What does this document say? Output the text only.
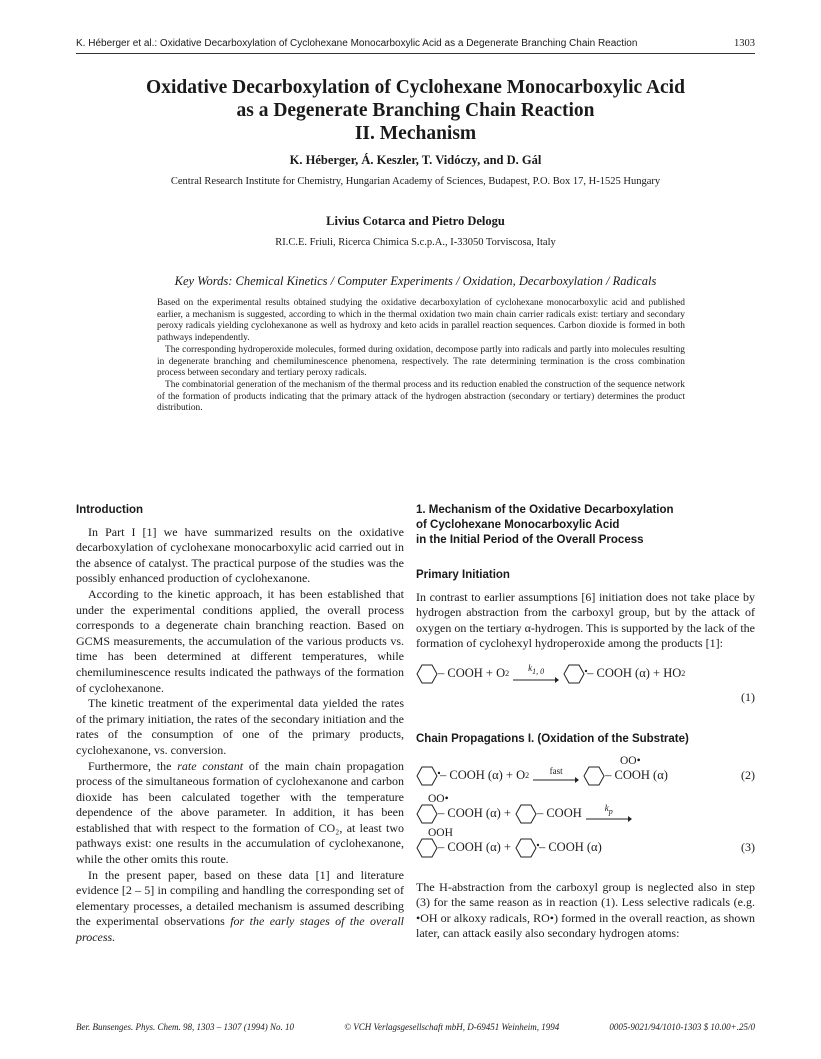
K. Héberger et al.: Oxidative Decarboxylation of Cyclohexane Monocarboxylic Acid as a Degenerate Branching Chain Reaction	1303
Oxidative Decarboxylation of Cyclohexane Monocarboxylic Acid
as a Degenerate Branching Chain Reaction
II. Mechanism
K. Héberger, Á. Keszler, T. Vidóczy, and D. Gál
Central Research Institute for Chemistry, Hungarian Academy of Sciences, Budapest, P.O. Box 17, H-1525 Hungary
Livius Cotarca and Pietro Delogu
RI.C.E. Friuli, Ricerca Chimica S.c.p.A., I-33050 Torviscosa, Italy
Key Words: Chemical Kinetics / Computer Experiments / Oxidation, Decarboxylation / Radicals

Based on the experimental results obtained studying the oxidative decarboxylation of cyclohexane monocarboxylic acid and published earlier, a mechanism is suggested, according to which in the thermal oxidation two main chain carrier radicals exist: tertiary and secondary peroxy radicals yielding cyclohexanone as well as hydroxy and keto acids in parallel reaction sequences. Carbon dioxide is formed in both pathways independently.

The corresponding hydroperoxide molecules, formed during oxidation, decompose partly into radicals and partly into molecules resulting in degenerate branching and chemiluminescence phenomena, respectively. The rate determining termination is the cross combination process between secondary and tertiary peroxy radicals.

The combinatorial generation of the mechanism of the thermal process and its reduction enabled the construction of the sequence network of the formation of products indicating that the primary attack of the hydrogen abstraction (secondary or tertiary) determines the product distribution.

Introduction

In Part I [1] we have summarized results on the oxidative decarboxylation of cyclohexane monocarboxylic acid carried out in the absence of catalyst. The practical purpose of the studies was the possibly enhanced production of cyclohexanone.

According to the kinetic approach, it has been established that under the experimental conditions applied, the overall process corresponds to a degenerate chain branching reaction. Based on GCMS measurements, the accumulation of the various products vs. time has been determined at different temperatures, while chemiluminescence results indicated the pathways of the formation of cyclohexanone.

The kinetic treatment of the experimental data yielded the rates of the primary initiation, the rates of the secondary initiation and the rates of the consumption of one of the primary products, cyclohexanone, vs. conversion.

Furthermore, the rate constant of the main chain propagation process of the simultaneous formation of cyclohexanone and carbon dioxide has been calculated together with the temperature dependence of the above parameter. In addition, it has been established that with respect to the formation of CO₂, at least two pathways exist: one results in the accumulation of cyclohexanone, while the other omits this route.

In the present paper, based on these data [1] and literature evidence [2 – 5] in compiling and handling the corresponding set of elementary processes, a detailed mechanism is assumed describing the experimental observations for the early stages of the overall process.

1. Mechanism of the Oxidative Decarboxylation
of Cyclohexane Monocarboxylic Acid
in the Initial Period of the Overall Process
Primary Initiation

In contrast to earlier assumptions [6] initiation does not take place by hydrogen abstraction from the carboxyl group, but by the attack of oxygen on the tertiary α-hydrogen. This is supported by the lack of the formation of cyclohexyl hydroperoxide among the products [1]:

– COOH + O 2
k1, 0	– COOH (α) + HO 2
(1)
Chain Propagations I. (Oxidation of the Substrate)
– COOH (α) + O 2 fast	– COOH (α)
OO•
(2)
OO•
– COOH (α) + – COOH	kp
OOH
– COOH (α) + – COOH (α)	(3)

The H-abstraction from the carboxyl group is neglected also in step (3) for the same reason as in reaction (1). Less selective radicals (e.g. •OH or alkoxy radicals, RO•) formed in the overall reaction, as shown later, can attack easily also secondary hydrogen atoms:

Ber. Bunsenges. Phys. Chem. 98, 1303 – 1307 (1994) No. 10	© VCH Verlagsgesellschaft mbH, D-69451 Weinheim, 1994	0005-9021/94/1010-1303 $ 10.00+.25/0
